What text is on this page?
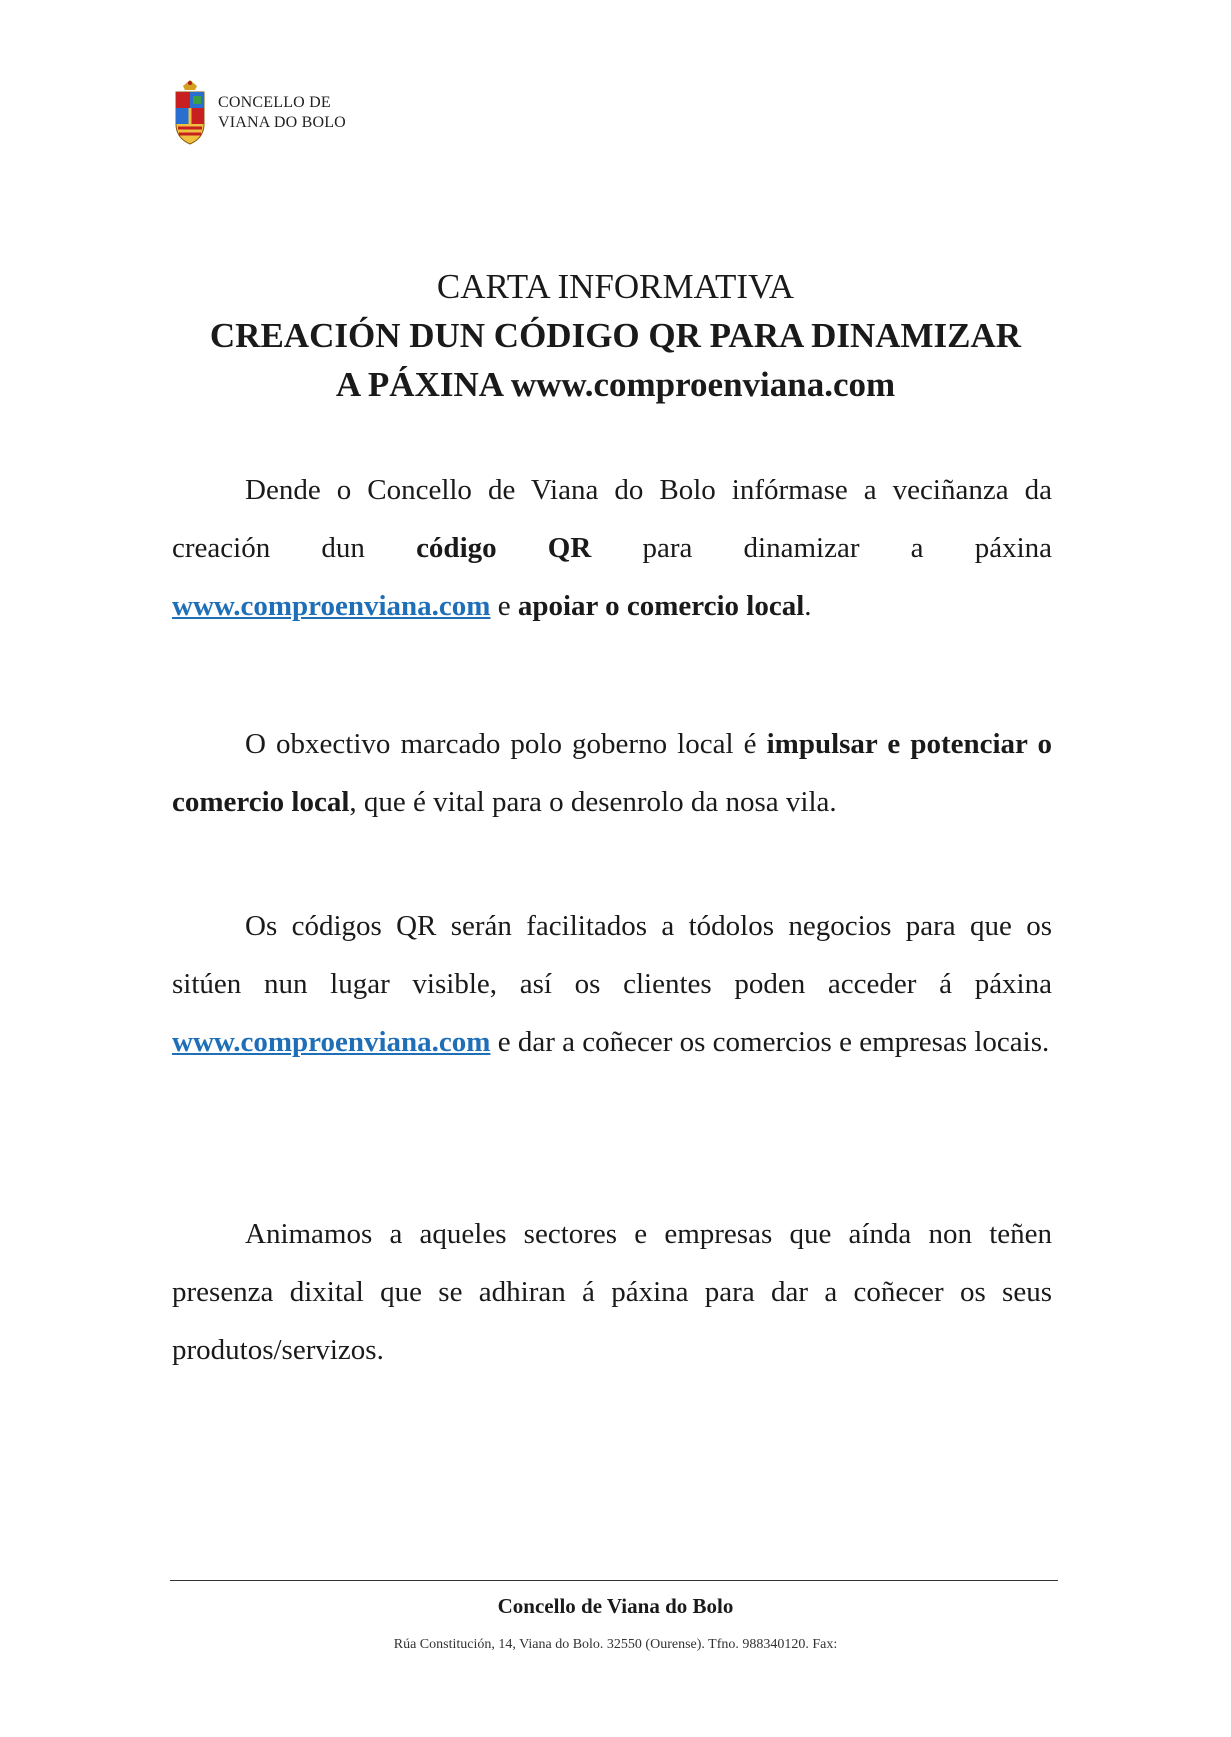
CONCELLO DE
VIANA DO BOLO
CARTA INFORMATIVA
CREACIÓN DUN CÓDIGO QR PARA DINAMIZAR
A PÁXINA www.comproenviana.com

Dende o Concello de Viana do Bolo infórmase a veciñanza da creación dun código QR para dinamizar a páxina www.comproenviana.com e apoiar o comercio local.

O obxectivo marcado polo goberno local é impulsar e potenciar o comercio local, que é vital para o desenrolo da nosa vila.

Os códigos QR serán facilitados a tódolos negocios para que os sitúen nun lugar visible, así os clientes poden acceder á páxina www.comproenviana.com e dar a coñecer os comercios e empresas locais.

Animamos a aqueles sectores e empresas que aínda non teñen presenza dixital que se adhiran á páxina para dar a coñecer os seus produtos/servizos.

Concello de Viana do Bolo
Rúa Constitución, 14, Viana do Bolo. 32550 (Ourense). Tfno. 988340120. Fax:
